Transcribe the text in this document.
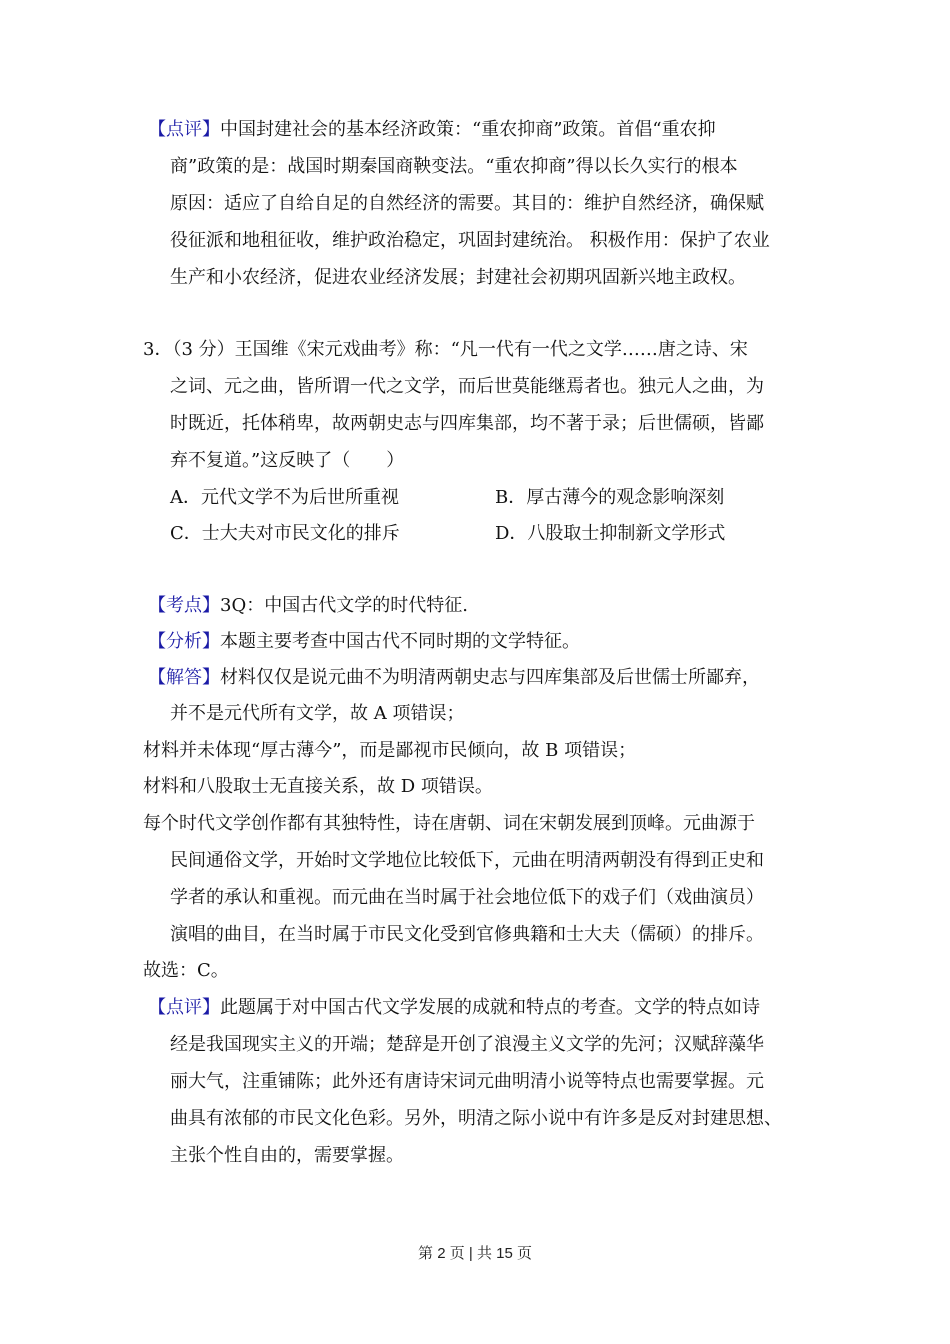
【点评】中国封建社会的基本经济政策：“重农抑商”政策。首倡“重农抑
商”政策的是：战国时期秦国商鞅变法。“重农抑商”得以长久实行的根本
原因：适应了自给自足的自然经济的需要。其目的：维护自然经济，确保赋
役征派和地租征收，维护政治稳定，巩固封建统治。 积极作用：保护了农业
生产和小农经济，促进农业经济发展；封建社会初期巩固新兴地主政权。
3．（3 分）王国维《宋元戏曲考》称：“凡一代有一代之文学……唐之诗、宋
之词、元之曲，皆所谓一代之文学，而后世莫能继焉者也。独元人之曲，为
时既近，托体稍卑，故两朝史志与四库集部，均不著于录；后世儒硕，皆鄙
弃不复道。”这反映了（　　）
A．元代文学不为后世所重视	B．厚古薄今的观念影响深刻
C．士大夫对市民文化的排斥	D．八股取士抑制新文学形式
【考点】3Q：中国古代文学的时代特征.
【分析】本题主要考查中国古代不同时期的文学特征。
【解答】材料仅仅是说元曲不为明清两朝史志与四库集部及后世儒士所鄙弃，
并不是元代所有文学，故 A 项错误；
材料并未体现“厚古薄今”，而是鄙视市民倾向，故 B 项错误；
材料和八股取士无直接关系，故 D 项错误。
每个时代文学创作都有其独特性，诗在唐朝、词在宋朝发展到顶峰。元曲源于
民间通俗文学，开始时文学地位比较低下，元曲在明清两朝没有得到正史和
学者的承认和重视。而元曲在当时属于社会地位低下的戏子们（戏曲演员）
演唱的曲目，在当时属于市民文化受到官修典籍和士大夫（儒硕）的排斥。
故选：C。
【点评】此题属于对中国古代文学发展的成就和特点的考查。文学的特点如诗
经是我国现实主义的开端；楚辞是开创了浪漫主义文学的先河；汉赋辞藻华
丽大气，注重铺陈；此外还有唐诗宋词元曲明清小说等特点也需要掌握。元
曲具有浓郁的市民文化色彩。另外，明清之际小说中有许多是反对封建思想、
主张个性自由的，需要掌握。
第 2 页 | 共 15 页
